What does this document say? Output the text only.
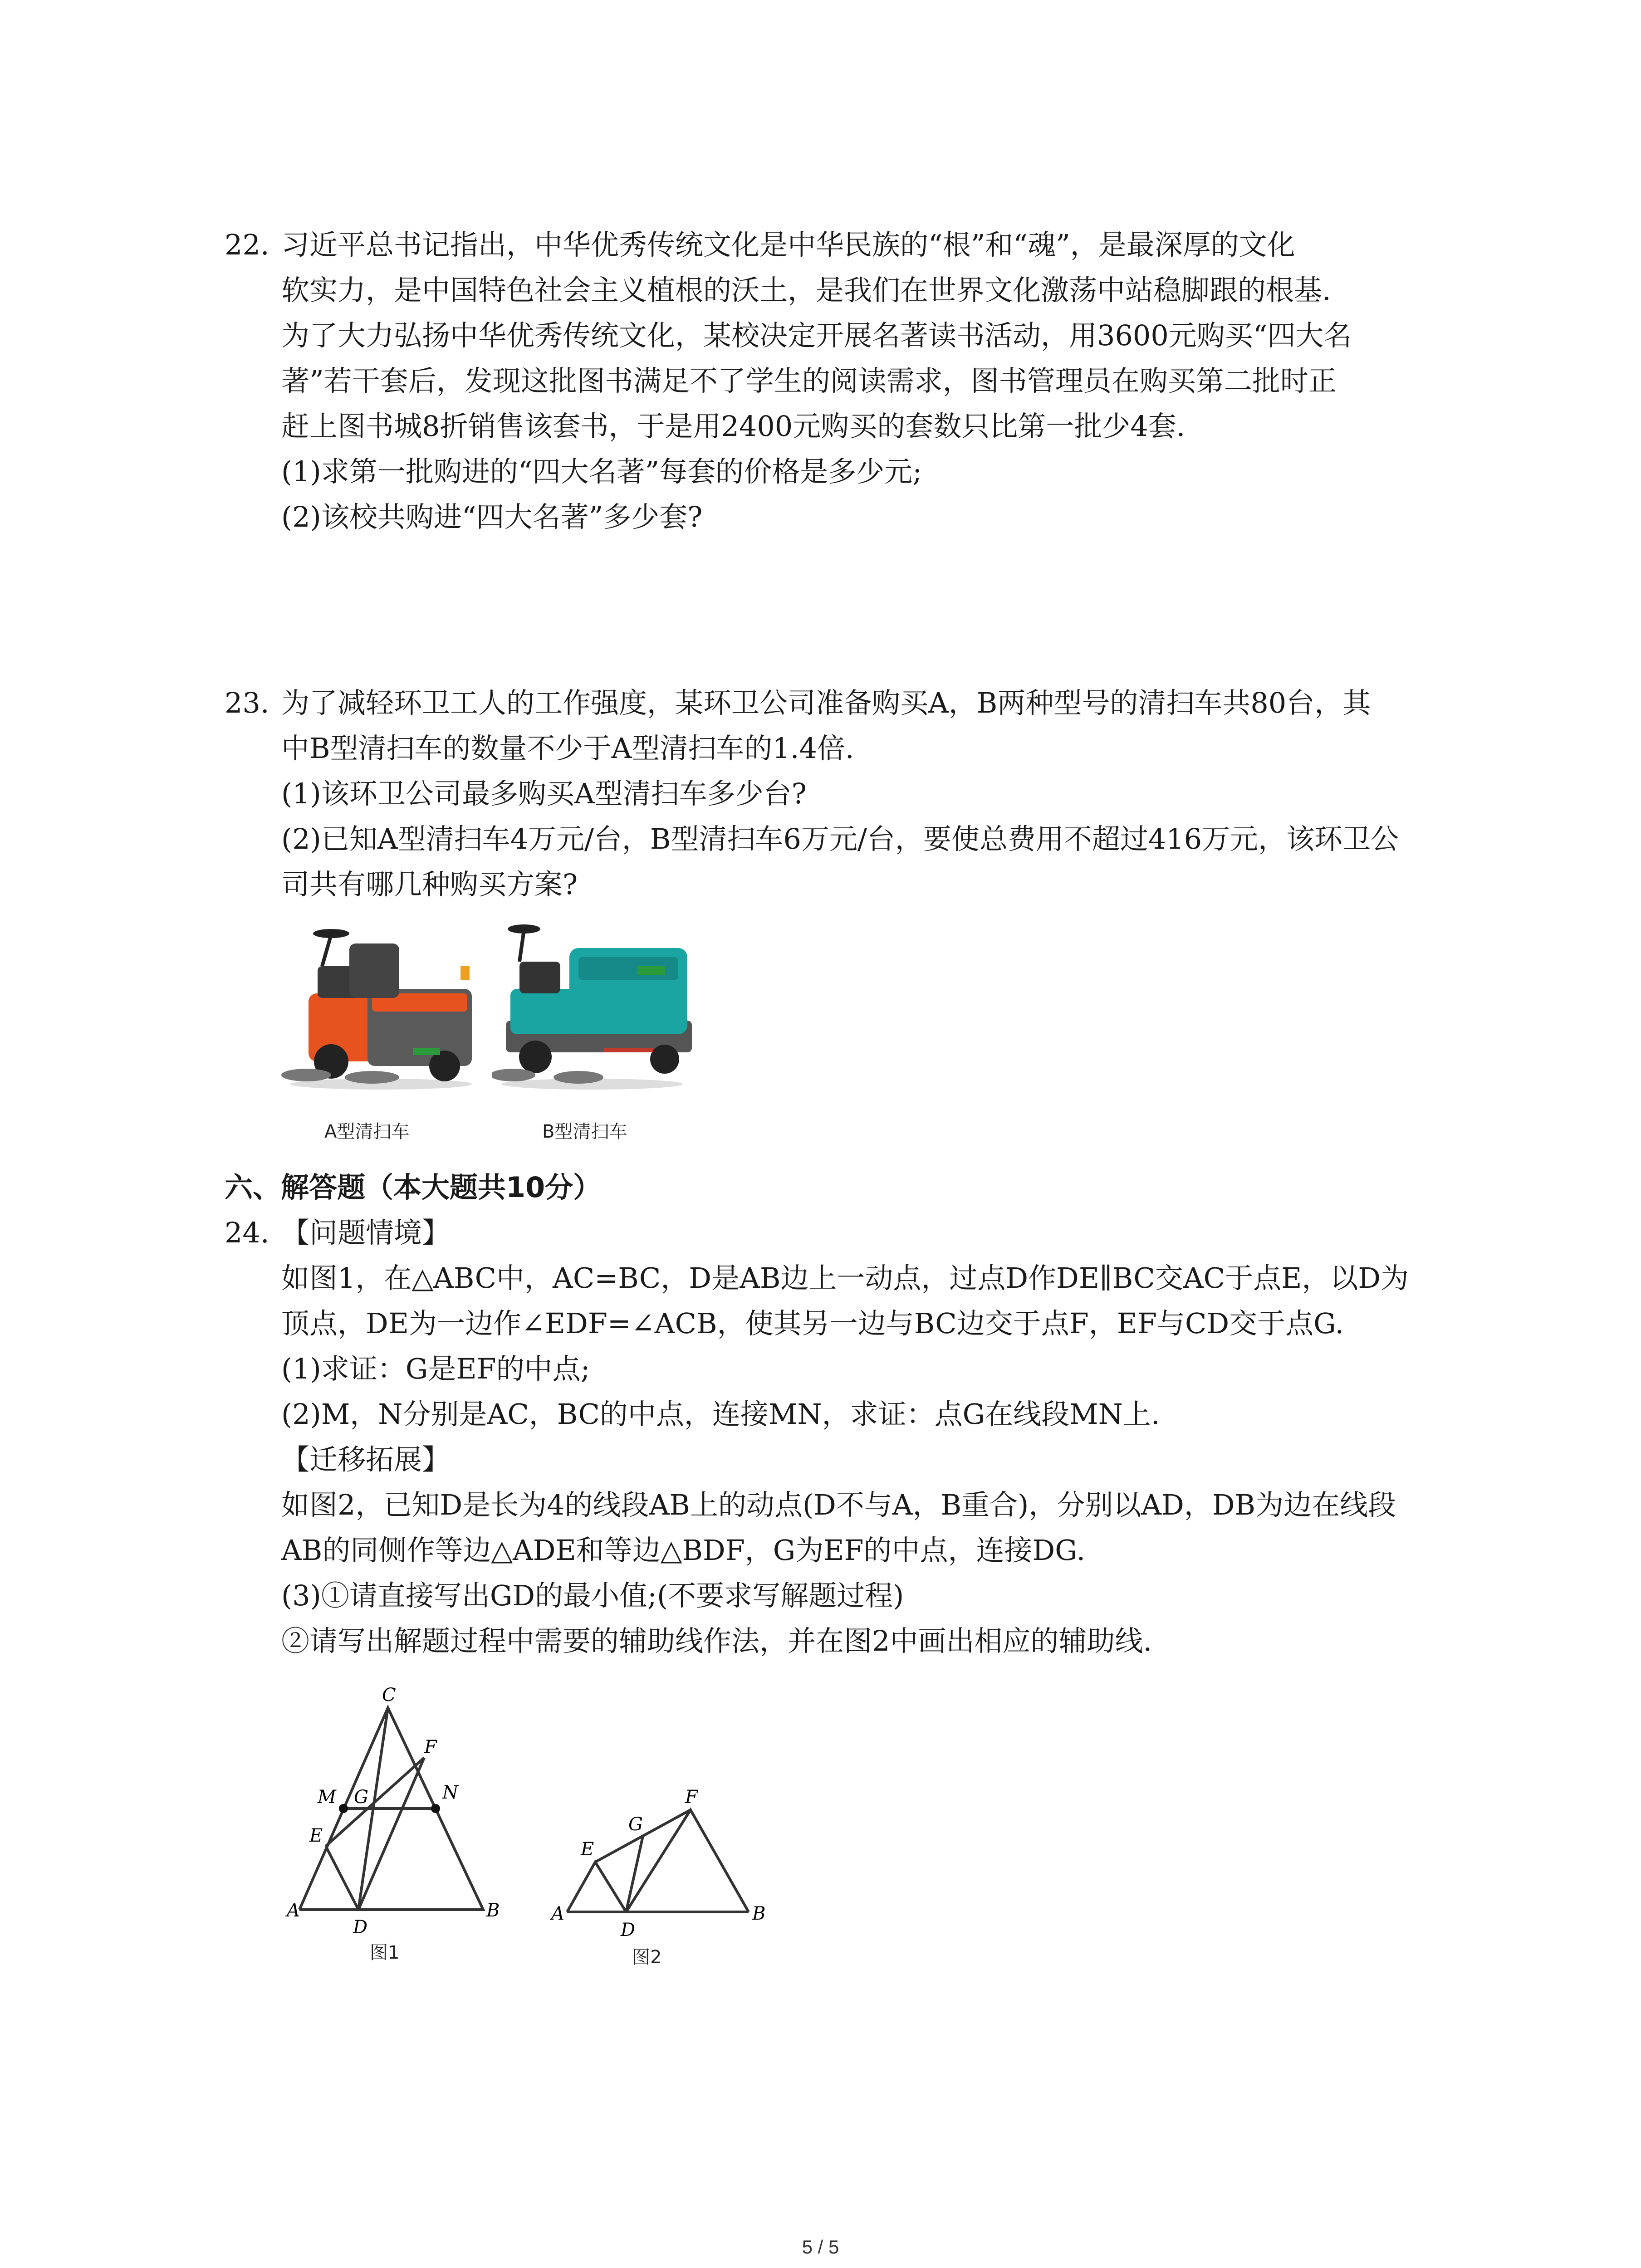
22. 习近平总书记指出，中华优秀传统文化是中华民族的“根”和“魂”，是最深厚的文化
软实力，是中国特色社会主义植根的沃土，是我们在世界文化激荡中站稳脚跟的根基.
为了大力弘扬中华优秀传统文化，某校决定开展名著读书活动，用3600元购买“四大名
著”若干套后，发现这批图书满足不了学生的阅读需求，图书管理员在购买第二批时正
赶上图书城8折销售该套书，于是用2400元购买的套数只比第一批少4套.
(1)求第一批购进的“四大名著”每套的价格是多少元;
(2)该校共购进“四大名著”多少套?
23. 为了减轻环卫工人的工作强度，某环卫公司准备购买A，B两种型号的清扫车共80台，其
中B型清扫车的数量不少于A型清扫车的1.4倍.
(1)该环卫公司最多购买A型清扫车多少台?
(2)已知A型清扫车4万元/台，B型清扫车6万元/台，要使总费用不超过416万元，该环卫公
司共有哪几种购买方案?
A型清扫车	B型清扫车
六、解答题（本大题共10分）
24. 【问题情境】
如图1，在△ABC中，AC=BC，D是AB边上一动点，过点D作DE∥BC交AC于点E，以D为
顶点，DE为一边作∠EDF=∠ACB，使其另一边与BC边交于点F，EF与CD交于点G.
(1)求证：G是EF的中点;
(2)M，N分别是AC，BC的中点，连接MN，求证：点G在线段MN上.
【迁移拓展】
如图2，已知D是长为4的线段AB上的动点(D不与A，B重合)，分别以AD，DB为边在线段
AB的同侧作等边△ADE和等边△BDF，G为EF的中点，连接DG.
(3)①请直接写出GD的最小值;(不要求写解题过程)
②请写出解题过程中需要的辅助线作法，并在图2中画出相应的辅助线.
C
M G
F
N
E
A
D
B
F
G
E
A
D
B
图1	图2
5 / 5
